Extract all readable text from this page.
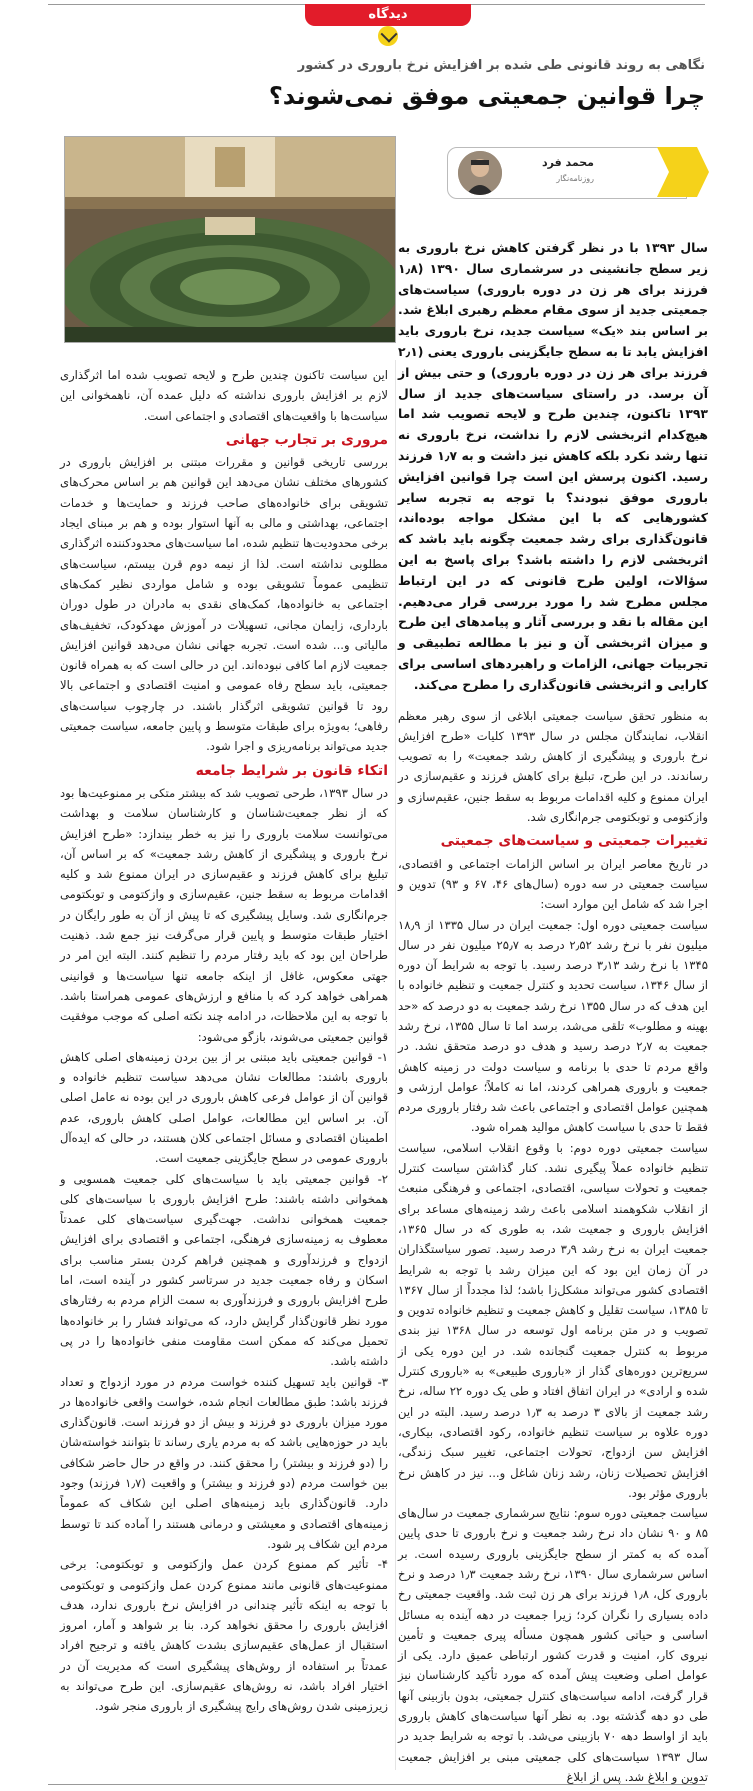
دیدگاه
نگاهی به روند قانونی طی شده بر افزایش نرخ باروری در کشور
چرا قوانین جمعیتی موفق نمی‌شوند؟
محمد فرد
روزنامه‌نگار

سال ۱۳۹۳ با در نظر گرفتن کاهش نرخ باروری به زیر سطح جانشینی در سرشماری سال ۱۳۹۰ (۱٫۸ فرزند برای هر زن در دوره باروری) سیاست‌های جمعیتی جدید از سوی مقام معظم رهبری ابلاغ شد. بر اساس بند «یک» سیاست جدید، نرخ باروری باید افزایش یابد تا به سطح جایگزینی باروری یعنی (۲٫۱ فرزند برای هر زن در دوره باروری) و حتی بیش از آن برسد. در راستای سیاست‌های جدید از سال ۱۳۹۳ تاکنون، چندین طرح و لایحه تصویب شد اما هیچ‌کدام اثربخشی لازم را نداشت، نرخ باروری نه تنها رشد نکرد بلکه کاهش نیز داشت و به ۱٫۷ فرزند رسید. اکنون پرسش این است چرا قوانین افزایش باروری موفق نبودند؟ با توجه به تجربه سایر کشورهایی که با این مشکل مواجه بوده‌اند، قانون‌گذاری برای رشد جمعیت چگونه باید باشد که اثربخشی لازم را داشته باشد؟ برای پاسخ به این سؤالات، اولین طرح قانونی که در این ارتباط مجلس مطرح شد را مورد بررسی قرار می‌دهیم. این مقاله با نقد و بررسی آثار و پیامدهای این طرح و میزان اثربخشی آن و نیز با مطالعه تطبیقی و تجربیات جهانی، الزامات و راهبردهای اساسی برای کارایی و اثربخشی قانون‌گذاری را مطرح می‌کند.

به منظور تحقق سیاست جمعیتی ابلاغی از سوی رهبر معظم انقلاب، نمایندگان مجلس در سال ۱۳۹۳ کلیات «طرح افزایش نرخ باروری و پیشگیری از کاهش رشد جمعیت» را به تصویب رساندند. در این طرح، تبلیغ برای کاهش فرزند و عقیم‌سازی در ایران ممنوع و کلیه اقدامات مربوط به سقط جنین، عقیم‌سازی و وازکتومی و توبکتومی جرم‌انگاری شد.

تغییرات جمعیتی و سیاست‌های جمعیتی

در تاریخ معاصر ایران بر اساس الزامات اجتماعی و اقتصادی، سیاست جمعیتی در سه دوره (سال‌های ۴۶، ۶۷ و ۹۳) تدوین و اجرا شد که شامل این موارد است:

سیاست جمعیتی دوره اول: جمعیت ایران در سال ۱۳۳۵ از ۱۸٫۹ میلیون نفر با نرخ رشد ۲٫۵۲ درصد به ۲۵٫۷ میلیون نفر در سال ۱۳۴۵ با نرخ رشد ۳٫۱۳ درصد رسید. با توجه به شرایط آن دوره از سال ۱۳۴۶، سیاست تحدید و کنترل جمعیت و تنظیم خانواده با این هدف که در سال ۱۳۵۵ نرخ رشد جمعیت به دو درصد که «حد بهینه و مطلوب» تلقی می‌شد، برسد اما تا سال ۱۳۵۵، نرخ رشد جمعیت به ۲٫۷ درصد رسید و هدف دو درصد متحقق نشد. در واقع مردم تا حدی با برنامه و سیاست دولت در زمینه کاهش جمعیت و باروری همراهی کردند، اما نه کاملاً؛ عوامل ارزشی و همچنین عوامل اقتصادی و اجتماعی باعث شد رفتار باروری مردم فقط تا حدی با سیاست کاهش موالید همراه شود.

سیاست جمعیتی دوره دوم: با وقوع انقلاب اسلامی، سیاست تنظیم خانواده عملاً پیگیری نشد. کنار گذاشتن سیاست کنترل جمعیت و تحولات سیاسی، اقتصادی، اجتماعی و فرهنگی منبعث از انقلاب شکوهمند اسلامی باعث رشد زمینه‌های مساعد برای افزایش باروری و جمعیت شد، به طوری که در سال ۱۳۶۵، جمعیت ایران به نرخ رشد ۳٫۹ درصد رسید. تصور سیاستگذاران در آن زمان این بود که این میزان رشد با توجه به شرایط اقتصادی کشور می‌تواند مشکل‌زا باشد؛ لذا مجدداً از سال ۱۳۶۷ تا ۱۳۸۵، سیاست تقلیل و کاهش جمعیت و تنظیم خانواده تدوین و تصویب و در متن برنامه اول توسعه در سال ۱۳۶۸ نیز بندی مربوط به کنترل جمعیت گنجانده شد. در این دوره یکی از سریع‌ترین دوره‌های گذار از «باروری طبیعی» به «باروری کنترل شده و ارادی» در ایران اتفاق افتاد و طی یک دوره ۲۲ ساله، نرخ رشد جمعیت از بالای ۳ درصد به ۱٫۳ درصد رسید. البته در این دوره علاوه بر سیاست تنظیم خانواده، رکود اقتصادی، بیکاری، افزایش سن ازدواج، تحولات اجتماعی، تغییر سبک زندگی، افزایش تحصیلات زنان، رشد زنان شاغل و... نیز در کاهش نرخ باروری مؤثر بود.

سیاست جمعیتی دوره سوم: نتایج سرشماری جمعیت در سال‌های ۸۵ و ۹۰ نشان داد نرخ رشد جمعیت و نرخ باروری تا حدی پایین آمده که به کمتر از سطح جایگزینی باروری رسیده است. بر اساس سرشماری سال ۱۳۹۰، نرخ رشد جمعیت ۱٫۳ درصد و نرخ باروری کل، ۱٫۸ فرزند برای هر زن ثبت شد. واقعیت جمعیتی رخ داده بسیاری را نگران کرد؛ زیرا جمعیت در دهه آینده به مسائل اساسی و حیاتی کشور همچون مسأله پیری جمعیت و تأمین نیروی کار، امنیت و قدرت کشور ارتباطی عمیق دارد. یکی از عوامل اصلی وضعیت پیش آمده که مورد تأکید کارشناسان نیز قرار گرفت، ادامه سیاست‌های کنترل جمعیتی، بدون بازبینی آنها طی دو دهه گذشته بود. به نظر آنها سیاست‌های کاهش باروری باید از اواسط دهه ۷۰ بازبینی می‌شد. با توجه به شرایط جدید در سال ۱۳۹۳ سیاست‌های کلی جمعیتی مبنی بر افزایش جمعیت تدوین و ابلاغ شد. پس از ابلاغ

این سیاست تاکنون چندین طرح و لایحه تصویب شده اما اثرگذاری لازم بر افزایش باروری نداشته که دلیل عمده آن، ناهمخوانی این سیاست‌ها با واقعیت‌های اقتصادی و اجتماعی است.

مروری بر تجارب جهانی

بررسی تاریخی قوانین و مقررات مبتنی بر افزایش باروری در کشورهای مختلف نشان می‌دهد این قوانین هم بر اساس محرک‌های تشویقی برای خانواده‌های صاحب فرزند و حمایت‌ها و خدمات اجتماعی، بهداشتی و مالی به آنها استوار بوده و هم بر مبنای ایجاد برخی محدودیت‌ها تنظیم شده، اما سیاست‌های محدودکننده اثرگذاری مطلوبی نداشته است. لذا از نیمه دوم قرن بیستم، سیاست‌های تنظیمی عموماً تشویقی بوده و شامل مواردی نظیر کمک‌های اجتماعی به خانواده‌ها، کمک‌های نقدی به مادران در طول دوران بارداری، زایمان مجانی، تسهیلات در آموزش مهدکودک، تخفیف‌های مالیاتی و... شده است. تجربه جهانی نشان می‌دهد قوانین افزایش جمعیت لازم اما کافی نبوده‌اند. این در حالی است که به همراه قانون جمعیتی، باید سطح رفاه عمومی و امنیت اقتصادی و اجتماعی بالا رود تا قوانین تشویقی اثرگذار باشند. در چارچوب سیاست‌های رفاهی؛ به‌ویژه برای طبقات متوسط و پایین جامعه، سیاست جمعیتی جدید می‌تواند برنامه‌ریزی و اجرا شود.

اتکاء قانون بر شرایط جامعه

در سال ۱۳۹۳، طرحی تصویب شد که بیشتر متکی بر ممنوعیت‌ها بود که از نظر جمعیت‌شناسان و کارشناسان سلامت و بهداشت می‌توانست سلامت باروری را نیز به خطر بیندازد: «طرح افزایش نرخ باروری و پیشگیری از کاهش رشد جمعیت» که بر اساس آن، تبلیغ برای کاهش فرزند و عقیم‌سازی در ایران ممنوع شد و کلیه اقدامات مربوط به سقط جنین، عقیم‌سازی و وازکتومی و توبکتومی جرم‌انگاری شد. وسایل پیشگیری که تا پیش از آن به طور رایگان در اختیار طبقات متوسط و پایین قرار می‌گرفت نیز جمع شد. ذهنیت طراحان این بود که باید رفتار مردم را تنظیم کنند. البته این امر در جهتی معکوس، غافل از اینکه جامعه تنها سیاست‌ها و قوانینی همراهی خواهد کرد که با منافع و ارزش‌های عمومی همراستا باشد. با توجه به این ملاحظات، در ادامه چند نکته اصلی که موجب موفقیت قوانین جمعیتی می‌شوند، بازگو می‌شود:

۱- قوانین جمعیتی باید مبتنی بر از بین بردن زمینه‌های اصلی کاهش باروری باشند: مطالعات نشان می‌دهد سیاست تنظیم خانواده و قوانین آن از عوامل فرعی کاهش باروری در این بوده نه عامل اصلی آن. بر اساس این مطالعات، عوامل اصلی کاهش باروری، عدم اطمینان اقتصادی و مسائل اجتماعی کلان هستند، در حالی که ایده‌آل باروری عمومی در سطح جایگزینی جمعیت است.

۲- قوانین جمعیتی باید با سیاست‌های کلی جمعیت همسویی و همخوانی داشته باشند: طرح افزایش باروری با سیاست‌های کلی جمعیت همخوانی نداشت. جهت‌گیری سیاست‌های کلی عمدتاً معطوف به زمینه‌سازی فرهنگی، اجتماعی و اقتصادی برای افزایش ازدواج و فرزندآوری و همچنین فراهم کردن بستر مناسب برای اسکان و رفاه جمعیت جدید در سرتاسر کشور در آینده است، اما طرح افزایش باروری و فرزندآوری به سمت الزام مردم به رفتارهای مورد نظر قانون‌گذار گرایش دارد، که می‌تواند فشار را بر خانواده‌ها تحمیل می‌کند که ممکن است مقاومت منفی خانواده‌ها را در پی داشته باشد.

۳- قوانین باید تسهیل کننده خواست مردم در مورد ازدواج و تعداد فرزند باشد: طبق مطالعات انجام شده، خواست واقعی خانواده‌ها در مورد میزان باروری دو فرزند و بیش از دو فرزند است. قانون‌گذاری باید در حوزه‌هایی باشد که به مردم یاری رساند تا بتوانند خواسته‌شان را (دو فرزند و بیشتر) را محقق کنند. در واقع در حال حاضر شکافی بین خواست مردم (دو فرزند و بیشتر) و واقعیت (۱٫۷ فرزند) وجود دارد. قانون‌گذاری باید زمینه‌های اصلی این شکاف که عموماً زمینه‌های اقتصادی و معیشتی و درمانی هستند را آماده کند تا توسط مردم این شکاف پر شود.

۴- تأثیر کم ممنوع کردن عمل وازکتومی و توبکتومی: برخی ممنوعیت‌های قانونی مانند ممنوع کردن عمل وازکتومی و توبکتومی با توجه به اینکه تأثیر چندانی در افزایش نرخ باروری ندارد، هدف افزایش باروری را محقق نخواهد کرد. بنا بر شواهد و آمار، امروز استقبال از عمل‌های عقیم‌سازی بشدت کاهش یافته و ترجیح افراد عمدتاً بر استفاده از روش‌های پیشگیری است که مدیریت آن در اختیار افراد باشد، نه روش‌های عقیم‌سازی. این طرح می‌تواند به زیرزمینی شدن روش‌های رایج پیشگیری از باروری منجر شود.
